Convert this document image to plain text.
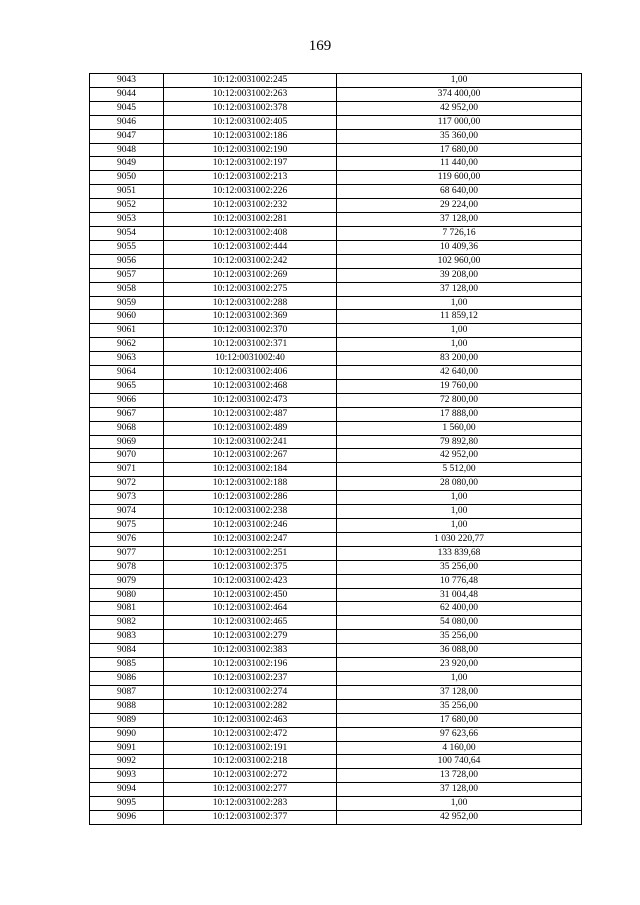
169
9043	10:12:0031002:245	1,00
9044	10:12:0031002:263	374 400,00
9045	10:12:0031002:378	42 952,00
9046	10:12:0031002:405	117 000,00
9047	10:12:0031002:186	35 360,00
9048	10:12:0031002:190	17 680,00
9049	10:12:0031002:197	11 440,00
9050	10:12:0031002:213	119 600,00
9051	10:12:0031002:226	68 640,00
9052	10:12:0031002:232	29 224,00
9053	10:12:0031002:281	37 128,00
9054	10:12:0031002:408	7 726,16
9055	10:12:0031002:444	10 409,36
9056	10:12:0031002:242	102 960,00
9057	10:12:0031002:269	39 208,00
9058	10:12:0031002:275	37 128,00
9059	10:12:0031002:288	1,00
9060	10:12:0031002:369	11 859,12
9061	10:12:0031002:370	1,00
9062	10:12:0031002:371	1,00
9063	10:12:0031002:40	83 200,00
9064	10:12:0031002:406	42 640,00
9065	10:12:0031002:468	19 760,00
9066	10:12:0031002:473	72 800,00
9067	10:12:0031002:487	17 888,00
9068	10:12:0031002:489	1 560,00
9069	10:12:0031002:241	79 892,80
9070	10:12:0031002:267	42 952,00
9071	10:12:0031002:184	5 512,00
9072	10:12:0031002:188	28 080,00
9073	10:12:0031002:286	1,00
9074	10:12:0031002:238	1,00
9075	10:12:0031002:246	1,00
9076	10:12:0031002:247	1 030 220,77
9077	10:12:0031002:251	133 839,68
9078	10:12:0031002:375	35 256,00
9079	10:12:0031002:423	10 776,48
9080	10:12:0031002:450	31 004,48
9081	10:12:0031002:464	62 400,00
9082	10:12:0031002:465	54 080,00
9083	10:12:0031002:279	35 256,00
9084	10:12:0031002:383	36 088,00
9085	10:12:0031002:196	23 920,00
9086	10:12:0031002:237	1,00
9087	10:12:0031002:274	37 128,00
9088	10:12:0031002:282	35 256,00
9089	10:12:0031002:463	17 680,00
9090	10:12:0031002:472	97 623,66
9091	10:12:0031002:191	4 160,00
9092	10:12:0031002:218	100 740,64
9093	10:12:0031002:272	13 728,00
9094	10:12:0031002:277	37 128,00
9095	10:12:0031002:283	1,00
9096	10:12:0031002:377	42 952,00
